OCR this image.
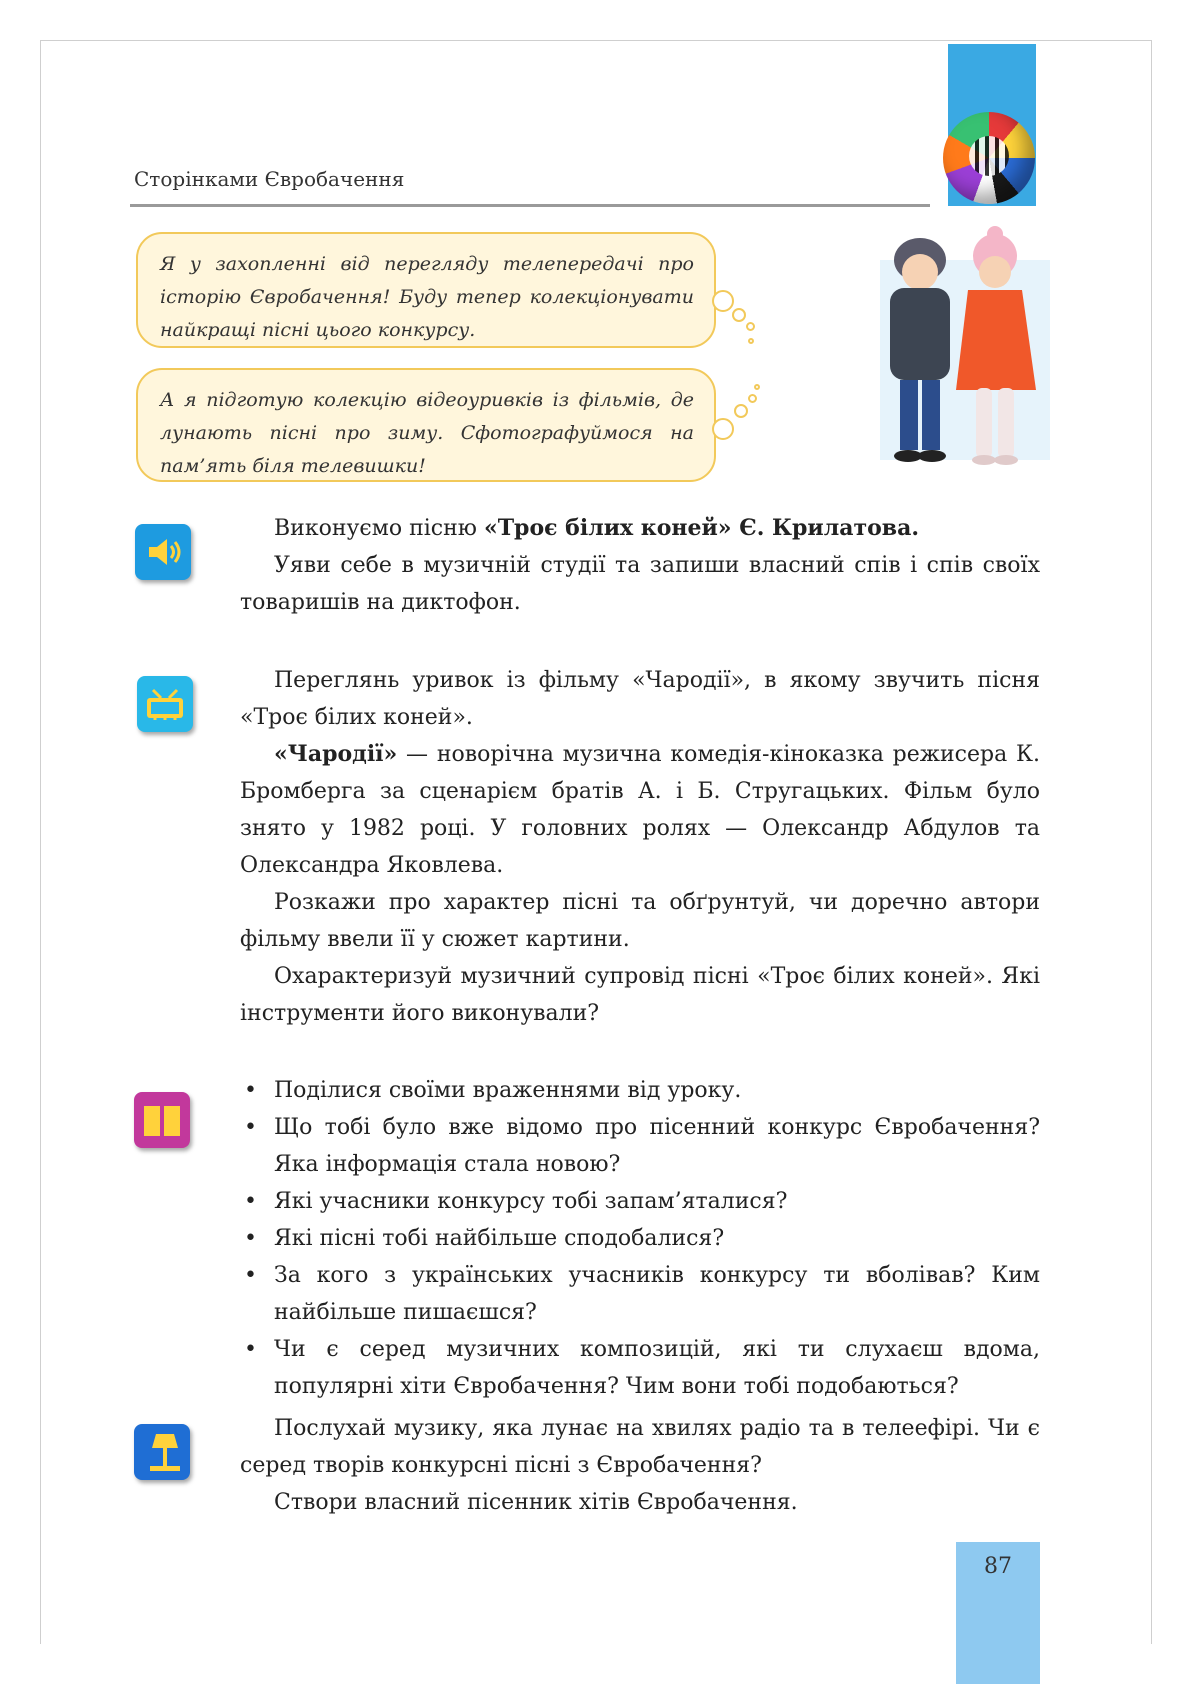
Сторінками Євробачення
Я у захопленні від перегляду телепередачі про історію Євробачення! Буду тепер колекціонувати найкращі пісні цього конкурсу.
А я підготую колекцію відеоуривків із фільмів, де лунають пісні про зиму. Сфотографуймося на пам’ять біля телевишки!

Виконуємо пісню «Троє білих коней» Є. Крилатова.

Уяви себе в музичній студії та запиши власний спів і спів своїх товаришів на диктофон.

Переглянь уривок із фільму «Чародії», в якому звучить пісня «Троє білих коней».

«Чародії» — новорічна музична комедія-кіноказка режисера К. Бромберга за сценарієм братів А. і Б. Стругацьких. Фільм було знято у 1982 році. У головних ролях — Олександр Абдулов та Олександра Яковлева.

Розкажи про характер пісні та обґрунтуй, чи доречно автори фільму ввели її у сюжет картини.

Охарактеризуй музичний супровід пісні «Троє білих коней». Які інструменти його виконували?

• Поділися своїми враженнями від уроку.
• Що тобі було вже відомо про пісенний конкурс Євробачення? Яка інформація стала новою?
• Які учасники конкурсу тобі запам’яталися?
• Які пісні тобі найбільше сподобалися?
• За кого з українських учасників конкурсу ти вболівав? Ким найбільше пишаєшся?
• Чи є серед музичних композицій, які ти слухаєш вдома, популярні хіти Євробачення? Чим вони тобі подобаються?

Послухай музику, яка лунає на хвилях радіо та в телеефірі. Чи є серед творів конкурсні пісні з Євробачення?

Створи власний пісенник хітів Євробачення.

87
